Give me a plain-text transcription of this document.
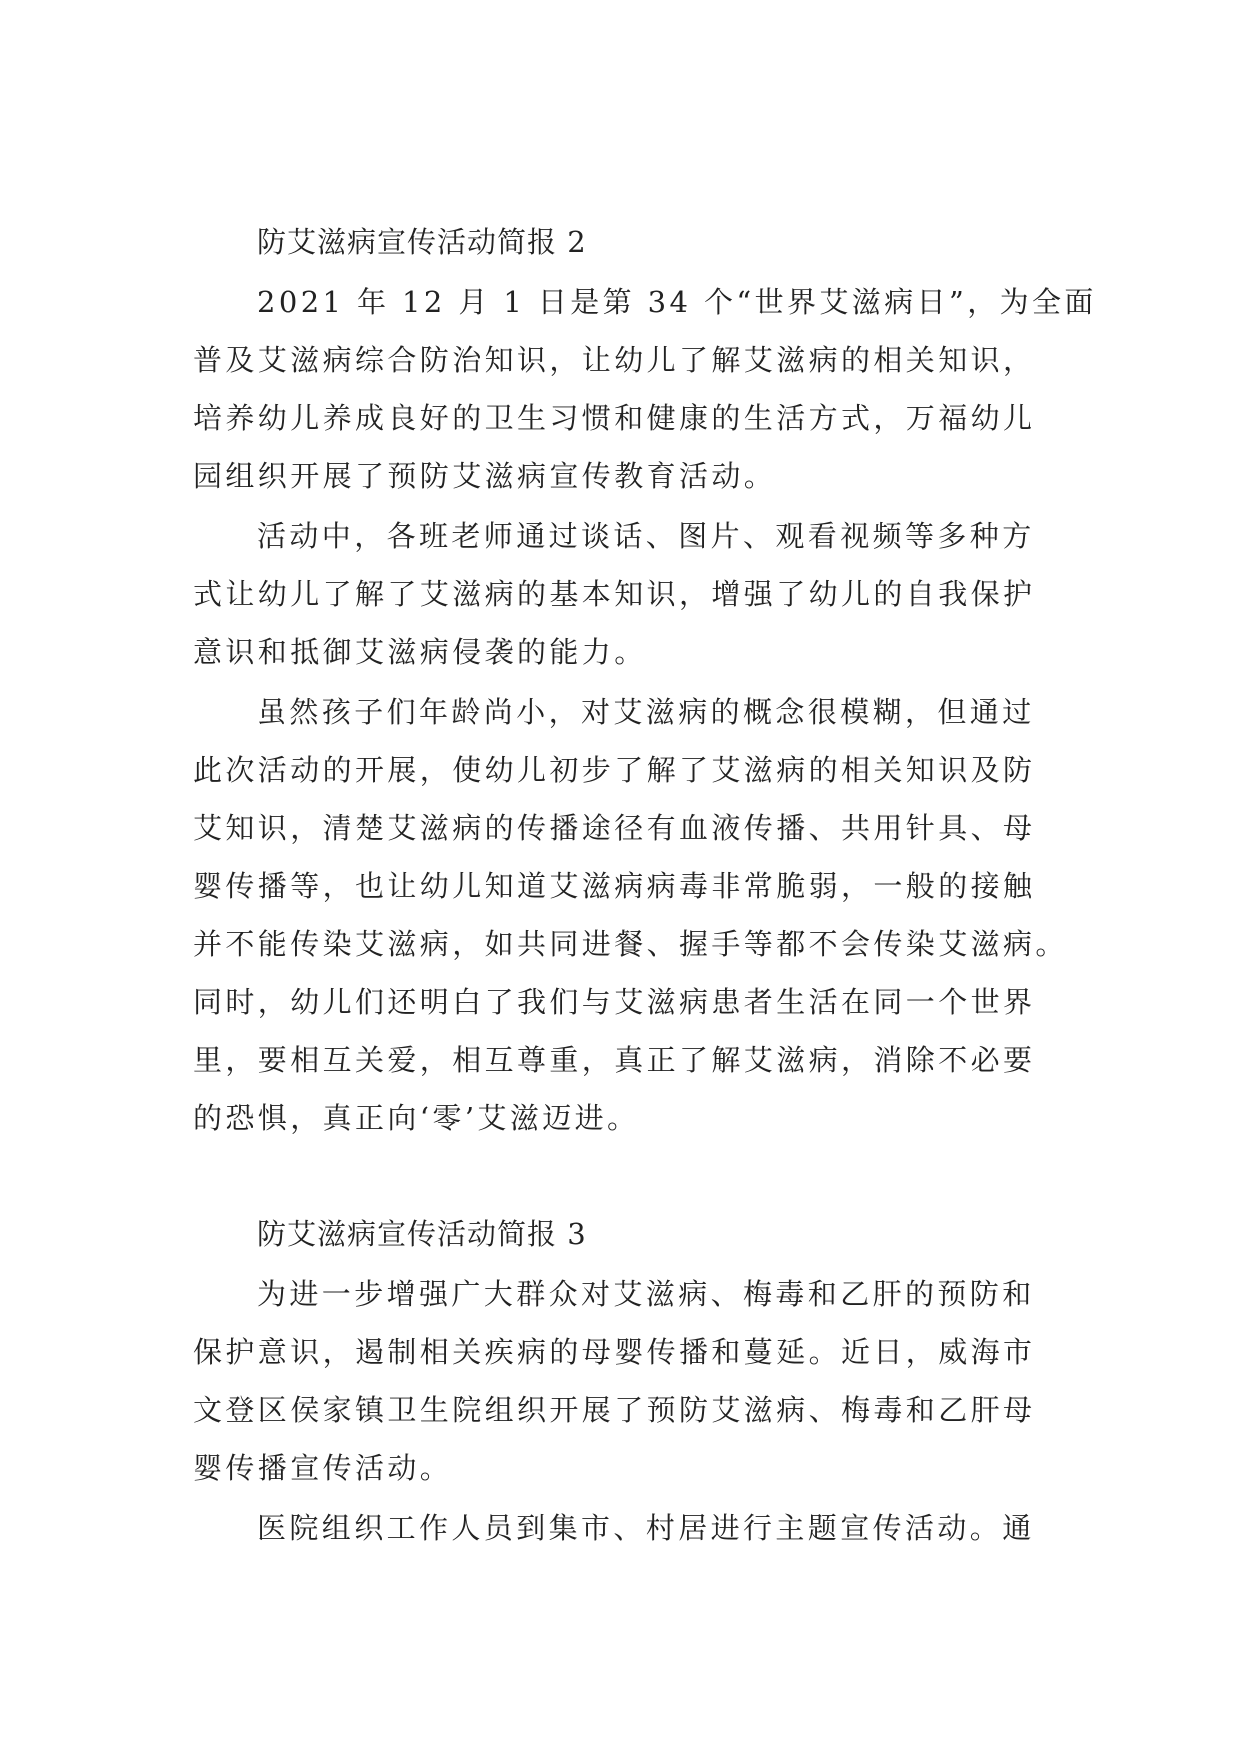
防艾滋病宣传活动简报 2
2021 年 12 月 1 日是第 34 个“世界艾滋病日”，为全面
普及艾滋病综合防治知识，让幼儿了解艾滋病的相关知识，
培养幼儿养成良好的卫生习惯和健康的生活方式，万福幼儿
园组织开展了预防艾滋病宣传教育活动。
活动中，各班老师通过谈话、图片、观看视频等多种方
式让幼儿了解了艾滋病的基本知识，增强了幼儿的自我保护
意识和抵御艾滋病侵袭的能力。
虽然孩子们年龄尚小，对艾滋病的概念很模糊，但通过
此次活动的开展，使幼儿初步了解了艾滋病的相关知识及防
艾知识，清楚艾滋病的传播途径有血液传播、共用针具、母
婴传播等，也让幼儿知道艾滋病病毒非常脆弱，一般的接触
并不能传染艾滋病，如共同进餐、握手等都不会传染艾滋病。
同时，幼儿们还明白了我们与艾滋病患者生活在同一个世界
里，要相互关爱，相互尊重，真正了解艾滋病，消除不必要
的恐惧，真正向‘零’艾滋迈进。
防艾滋病宣传活动简报 3
为进一步增强广大群众对艾滋病、梅毒和乙肝的预防和
保护意识，遏制相关疾病的母婴传播和蔓延。近日，威海市
文登区侯家镇卫生院组织开展了预防艾滋病、梅毒和乙肝母
婴传播宣传活动。
医院组织工作人员到集市、村居进行主题宣传活动。通
